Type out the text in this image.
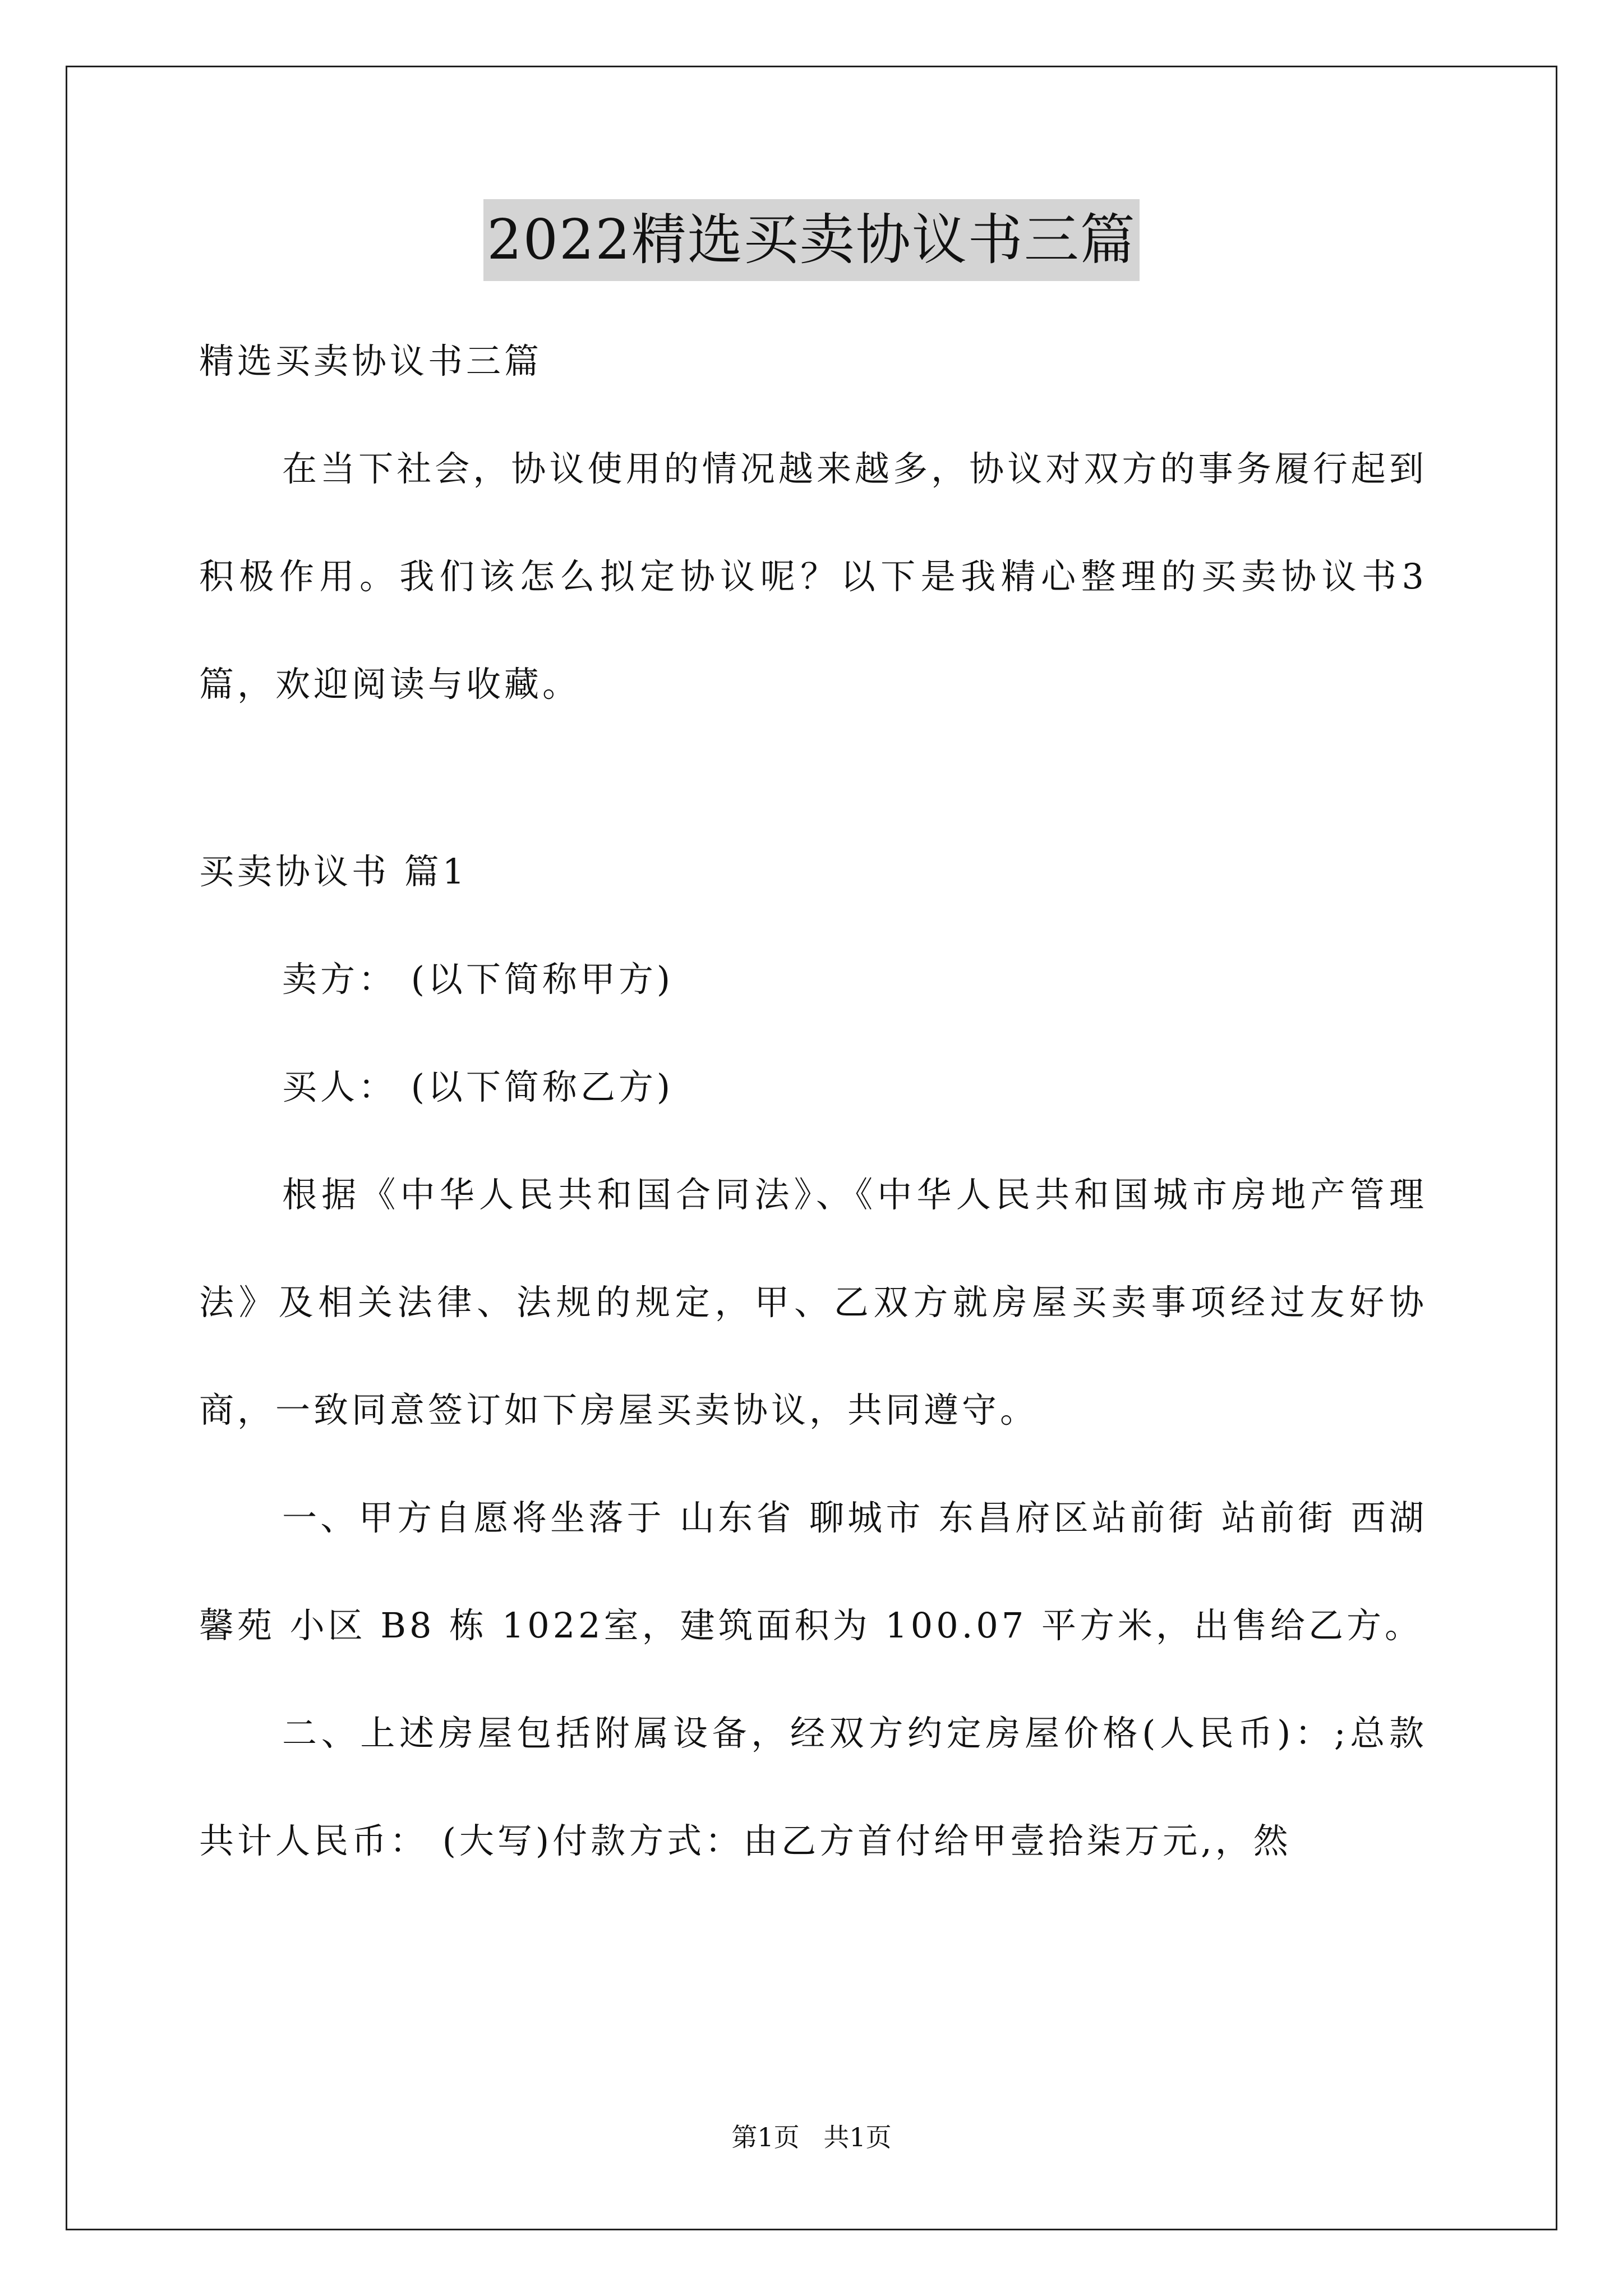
2022精选买卖协议书三篇

精选买卖协议书三篇

在当下社会，协议使用的情况越来越多，协议对双方的事务履行起到积极作用。我们该怎么拟定协议呢？以下是我精心整理的买卖协议书3篇，欢迎阅读与收藏。

买卖协议书 篇1

卖方： (以下简称甲方)

买人： (以下简称乙方)

根据《中华人民共和国合同法》、《中华人民共和国城市房地产管理法》及相关法律、法规的规定，甲、乙双方就房屋买卖事项经过友好协商，一致同意签订如下房屋买卖协议，共同遵守。

一、甲方自愿将坐落于 山东省 聊城市 东昌府区站前街 站前街 西湖馨苑 小区 B8 栋 1022室，建筑面积为 100.07 平方米，出售给乙方。

二、上述房屋包括附属设备，经双方约定房屋价格(人民币)：;总款共计人民币： (大写)付款方式：由乙方首付给甲壹拾柒万元,，然

第1页 共1页
